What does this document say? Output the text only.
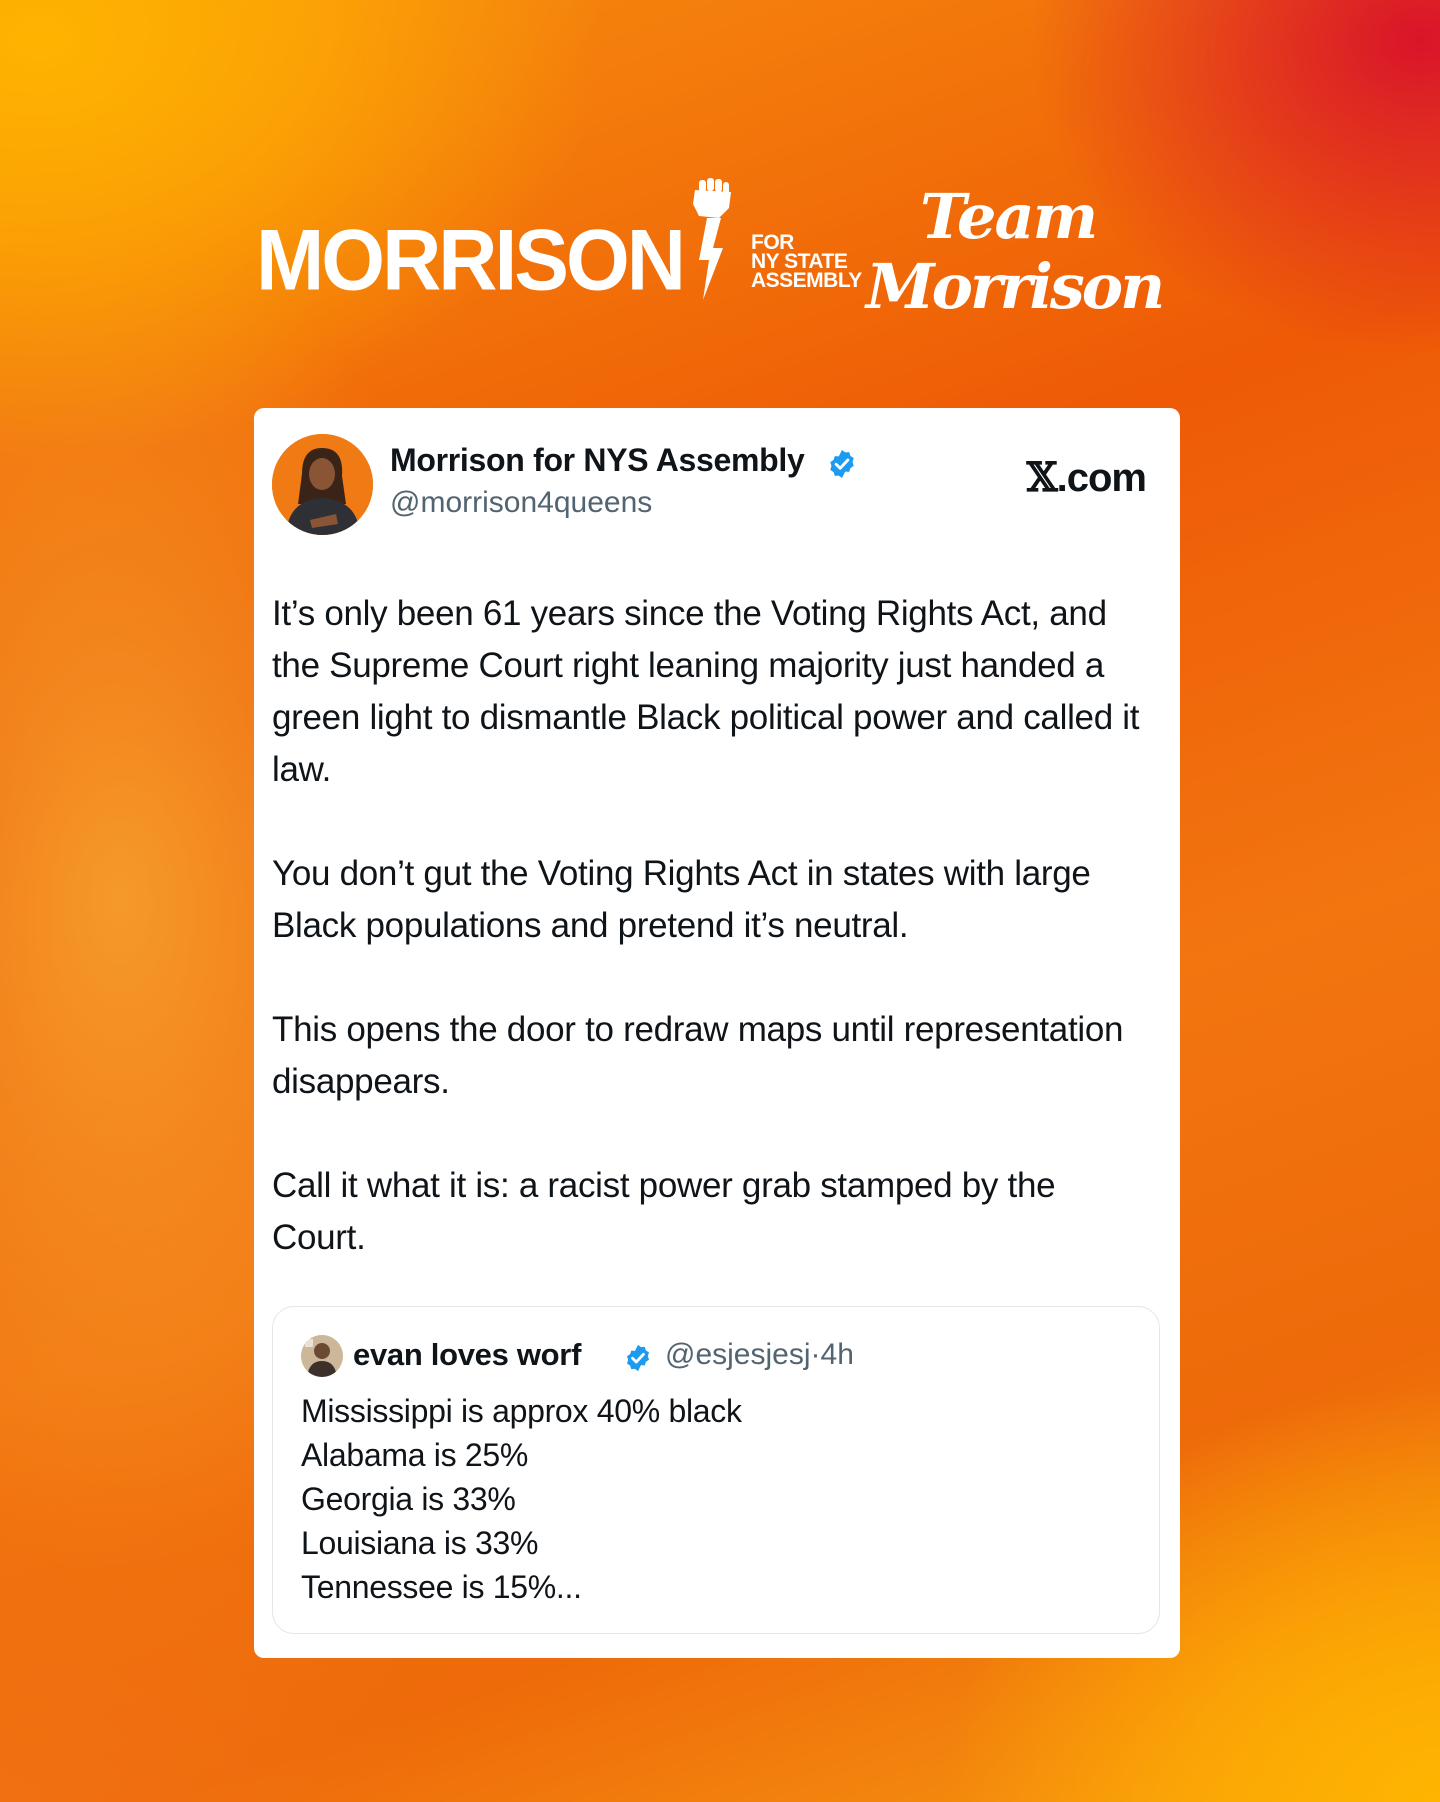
MORRISON	FOR
NY STATE
ASSEMBLY
Team
Morrison
Morrison for NYS Assembly
@morrison4queens
𝕏.com

It’s only been 61 years since the Voting Rights Act, and the Supreme Court right leaning majority just handed a green light to dismantle Black political power and called it law.

You don’t gut the Voting Rights Act in states with large Black populations and pretend it’s neutral.

This opens the door to redraw maps until representation disappears.

Call it what it is: a racist power grab stamped by the Court.

evan loves worf	@esjesjesj·4h
Mississippi is approx 40% black
Alabama is 25%
Georgia is 33%
Louisiana is 33%
Tennessee is 15%...
